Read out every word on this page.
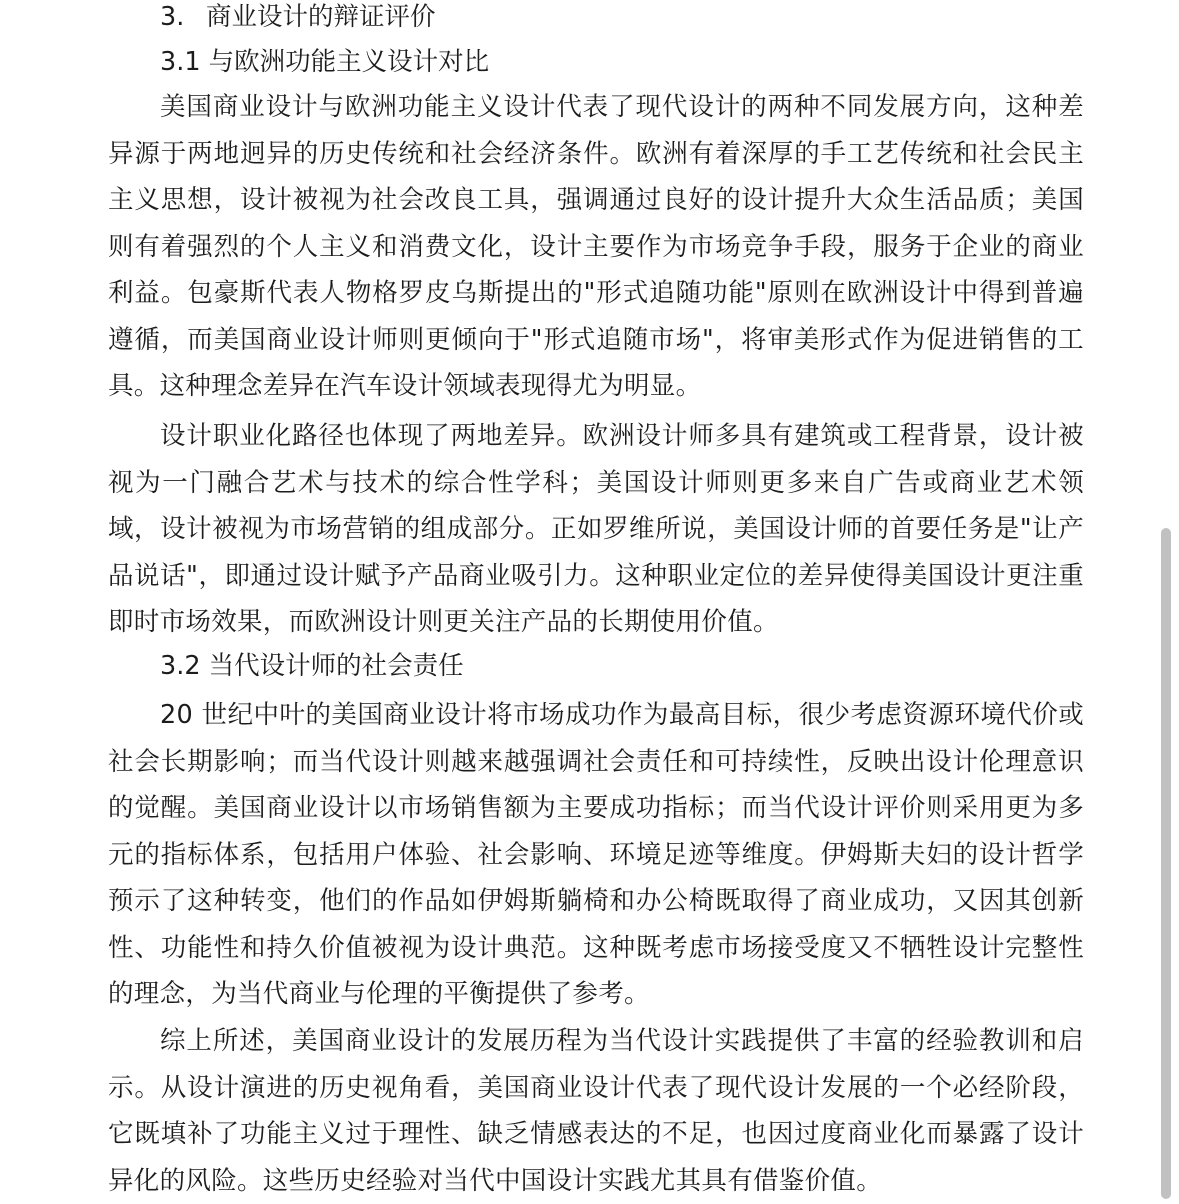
3. 商业设计的辩证评价
3.1 与欧洲功能主义设计对比

美国商业设计与欧洲功能主义设计代表了现代设计的两种不同发展方向，这种差异源于两地迥异的历史传统和社会经济条件。欧洲有着深厚的手工艺传统和社会民主主义思想，设计被视为社会改良工具，强调通过良好的设计提升大众生活品质；美国则有着强烈的个人主义和消费文化，设计主要作为市场竞争手段，服务于企业的商业利益。包豪斯代表人物格罗皮乌斯提出的"形式追随功能"原则在欧洲设计中得到普遍遵循，而美国商业设计师则更倾向于"形式追随市场"，将审美形式作为促进销售的工具。这种理念差异在汽车设计领域表现得尤为明显。

设计职业化路径也体现了两地差异。欧洲设计师多具有建筑或工程背景，设计被视为一门融合艺术与技术的综合性学科；美国设计师则更多来自广告或商业艺术领域，设计被视为市场营销的组成部分。正如罗维所说，美国设计师的首要任务是"让产品说话"，即通过设计赋予产品商业吸引力。这种职业定位的差异使得美国设计更注重即时市场效果，而欧洲设计则更关注产品的长期使用价值。

3.2 当代设计师的社会责任

20 世纪中叶的美国商业设计将市场成功作为最高目标，很少考虑资源环境代价或社会长期影响；而当代设计则越来越强调社会责任和可持续性，反映出设计伦理意识的觉醒。美国商业设计以市场销售额为主要成功指标；而当代设计评价则采用更为多元的指标体系，包括用户体验、社会影响、环境足迹等维度。伊姆斯夫妇的设计哲学预示了这种转变，他们的作品如伊姆斯躺椅和办公椅既取得了商业成功，又因其创新性、功能性和持久价值被视为设计典范。这种既考虑市场接受度又不牺牲设计完整性的理念，为当代商业与伦理的平衡提供了参考。

综上所述，美国商业设计的发展历程为当代设计实践提供了丰富的经验教训和启示。从设计演进的历史视角看，美国商业设计代表了现代设计发展的一个必经阶段，它既填补了功能主义过于理性、缺乏情感表达的不足，也因过度商业化而暴露了设计异化的风险。这些历史经验对当代中国设计实践尤其具有借鉴价值。
